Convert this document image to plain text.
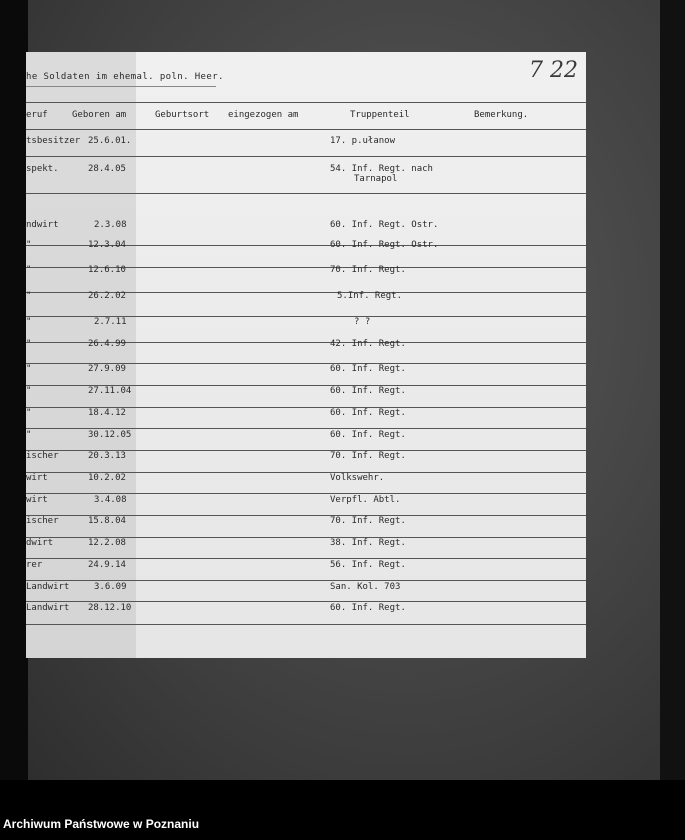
he Soldaten im ehemal. poln. Heer.	7 22
eruf	Geboren am	Geburtsort eingezogen am	Truppenteil	Bemerkung.
tsbesitzer 25.6.01.	17. p.ułanow
spekt.	28.4.05	54. Inf. Regt. nach
Tarnapol
ndwirt	2.3.08	60. Inf. Regt. Ostr.
"	12.3.04	60. Inf. Regt. Ostr.
"	12.6.10	70. Inf. Regt.
"	26.2.02	5.Inf. Regt.
"	2.7.11	? ?
"	26.4.99	42. Inf. Regt.
"	27.9.09	60. Inf. Regt.
"	27.11.04	60. Inf. Regt.
"	18.4.12	60. Inf. Regt.
"	30.12.05	60. Inf. Regt.
ischer	20.3.13	70. Inf. Regt.
wirt	10.2.02	Volkswehr.
wirt	3.4.08	Verpfl. Abtl.
ischer	15.8.04	70. Inf. Regt.
dwirt	12.2.08	38. Inf. Regt.
rer	24.9.14	56. Inf. Regt.
Landwirt	3.6.09	San. Kol. 703
Landwirt 28.12.10	60. Inf. Regt.
Archiwum Państwowe w Poznaniu
